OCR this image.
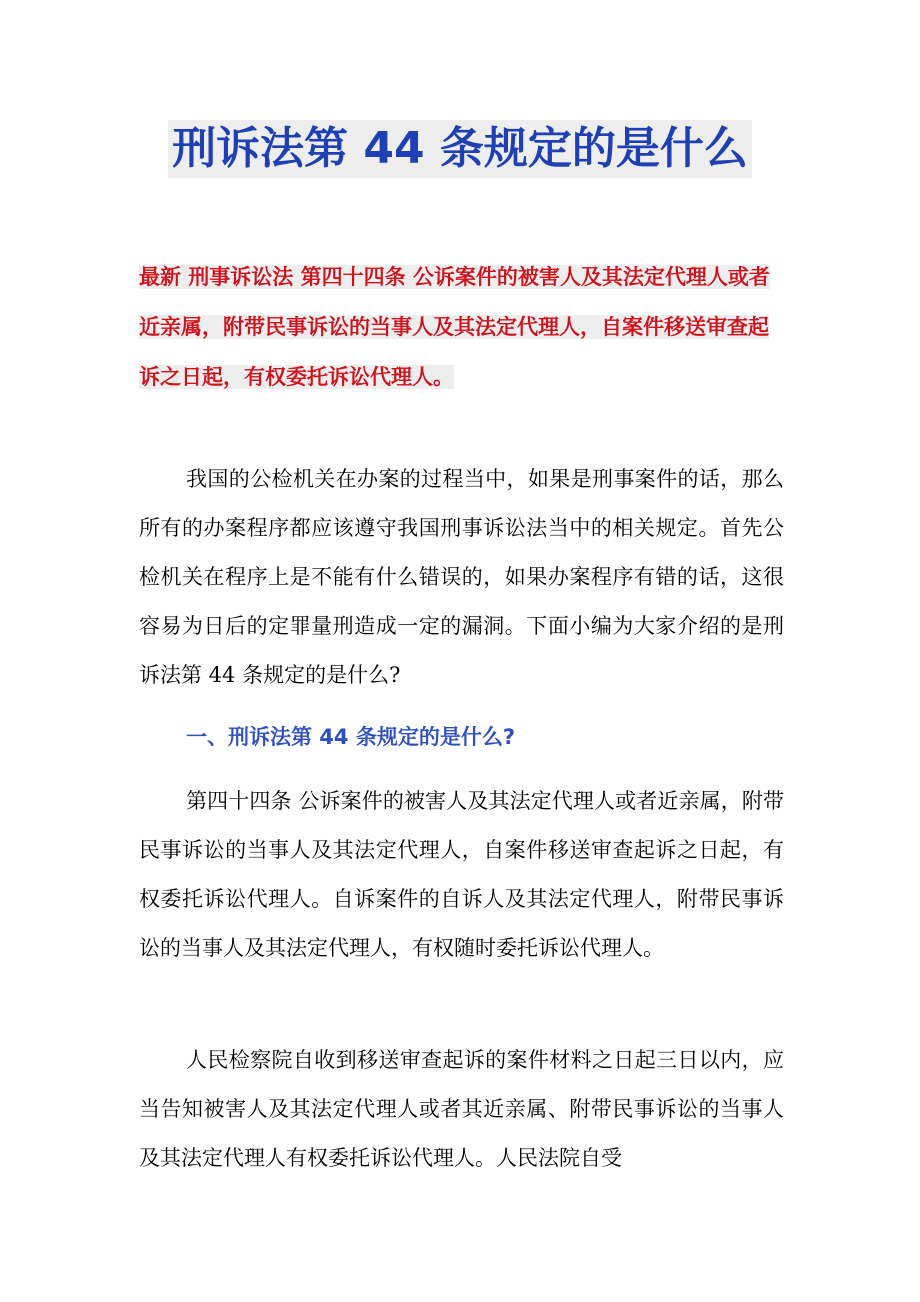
刑诉法第 44 条规定的是什么
最新 刑事诉讼法 第四十四条 公诉案件的被害人及其法定代理人或者近亲属，附带民事诉讼的当事人及其法定代理人，自案件移送审查起诉之日起，有权委托诉讼代理人。

我国的公检机关在办案的过程当中，如果是刑事案件的话，那么所有的办案程序都应该遵守我国刑事诉讼法当中的相关规定。首先公检机关在程序上是不能有什么错误的，如果办案程序有错的话，这很容易为日后的定罪量刑造成一定的漏洞。下面小编为大家介绍的是刑诉法第 44 条规定的是什么?

一、刑诉法第 44 条规定的是什么?

第四十四条 公诉案件的被害人及其法定代理人或者近亲属，附带民事诉讼的当事人及其法定代理人，自案件移送审查起诉之日起，有权委托诉讼代理人。自诉案件的自诉人及其法定代理人，附带民事诉讼的当事人及其法定代理人，有权随时委托诉讼代理人。

人民检察院自收到移送审查起诉的案件材料之日起三日以内，应当告知被害人及其法定代理人或者其近亲属、附带民事诉讼的当事人及其法定代理人有权委托诉讼代理人。人民法院自受
